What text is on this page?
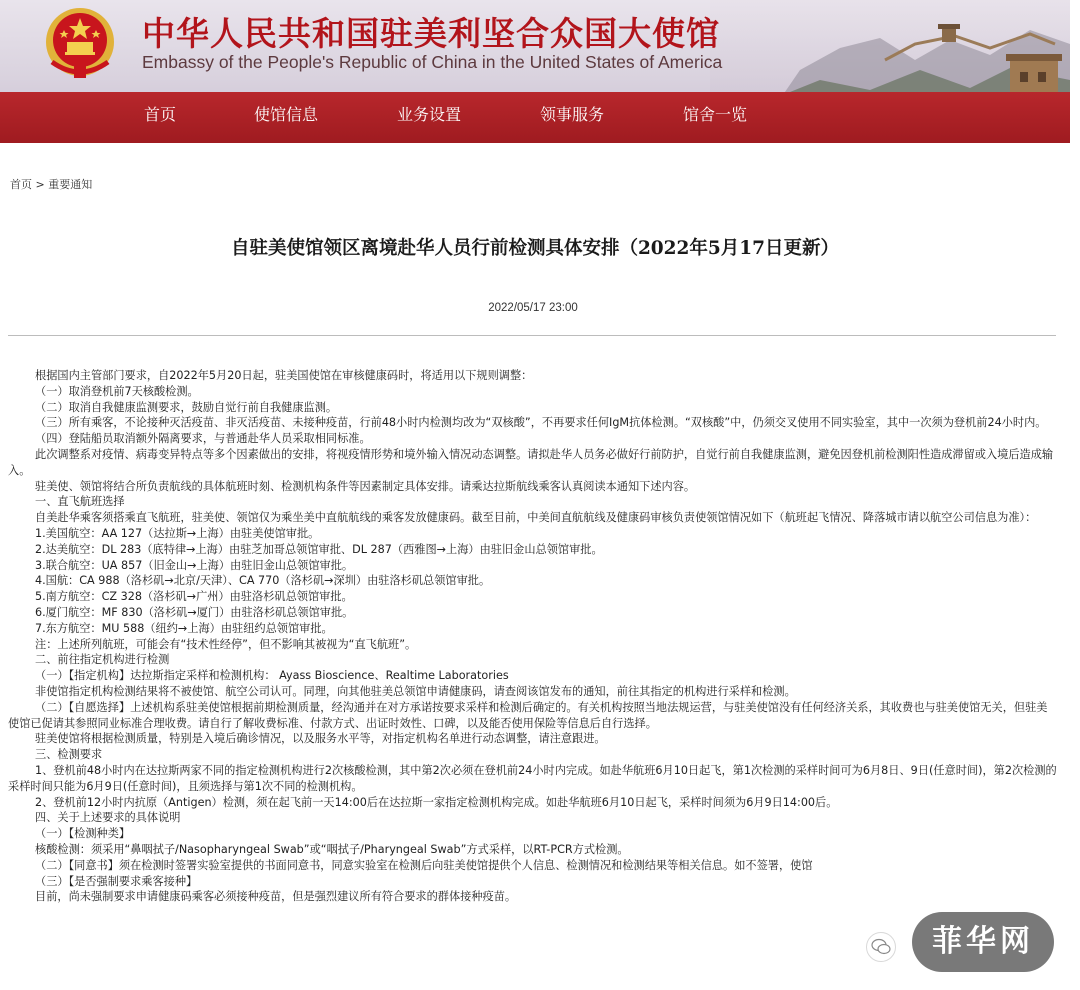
中华人民共和国驻美利坚合众国大使馆
Embassy of the People's Republic of China in the United States of America
首页	使馆信息	业务设置	领事服务	馆舍一览
首页 > 重要通知
自驻美使馆领区离境赴华人员行前检测具体安排（2022年5月17日更新）
2022/05/17 23:00

根据国内主管部门要求，自2022年5月20日起，驻美国使馆在审核健康码时，将适用以下规则调整：

（一）取消登机前7天核酸检测。

（二）取消自我健康监测要求，鼓励自觉行前自我健康监测。

（三）所有乘客，不论接种灭活疫苗、非灭活疫苗、未接种疫苗，行前48小时内检测均改为“双核酸”，不再要求任何IgM抗体检测。“双核酸”中，仍须交叉使用不同实验室，其中一次须为登机前24小时内。

（四）登陆船员取消额外隔离要求，与普通赴华人员采取相同标准。

此次调整系对疫情、病毒变异特点等多个因素做出的安排，将视疫情形势和境外输入情况动态调整。请拟赴华人员务必做好行前防护，自觉行前自我健康监测，避免因登机前检测阳性造成滞留或入境后造成输入。

驻美使、领馆将结合所负责航线的具体航班时刻、检测机构条件等因素制定具体安排。请乘达拉斯航线乘客认真阅读本通知下述内容。

一、直飞航班选择

自美赴华乘客须搭乘直飞航班，驻美使、领馆仅为乘坐美中直航航线的乘客发放健康码。截至目前，中美间直航航线及健康码审核负责使领馆情况如下（航班起飞情况、降落城市请以航空公司信息为准）：

1.美国航空：AA 127（达拉斯→上海）由驻美使馆审批。

2.达美航空：DL 283（底特律→上海）由驻芝加哥总领馆审批、DL 287（西雅图→上海）由驻旧金山总领馆审批。

3.联合航空：UA 857（旧金山→上海）由驻旧金山总领馆审批。

4.国航：CA 988（洛杉矶→北京/天津）、CA 770（洛杉矶→深圳）由驻洛杉矶总领馆审批。

5.南方航空：CZ 328（洛杉矶→广州）由驻洛杉矶总领馆审批。

6.厦门航空：MF 830（洛杉矶→厦门）由驻洛杉矶总领馆审批。

7.东方航空：MU 588（纽约→上海）由驻纽约总领馆审批。

注：上述所列航班，可能会有“技术性经停”，但不影响其被视为“直飞航班”。

二、前往指定机构进行检测

（一）【指定机构】达拉斯指定采样和检测机构： Ayass Bioscience、Realtime Laboratories

非使馆指定机构检测结果将不被使馆、航空公司认可。同理，向其他驻美总领馆申请健康码，请查阅该馆发布的通知，前往其指定的机构进行采样和检测。

（二）【自愿选择】上述机构系驻美使馆根据前期检测质量，经沟通并在对方承诺按要求采样和检测后确定的。有关机构按照当地法规运营，与驻美使馆没有任何经济关系，其收费也与驻美使馆无关，但驻美使馆已促请其参照同业标准合理收费。请自行了解收费标准、付款方式、出证时效性、口碑，以及能否使用保险等信息后自行选择。

驻美使馆将根据检测质量，特别是入境后确诊情况，以及服务水平等，对指定机构名单进行动态调整，请注意跟进。

三、检测要求

1、登机前48小时内在达拉斯两家不同的指定检测机构进行2次核酸检测，其中第2次必须在登机前24小时内完成。如赴华航班6月10日起飞，第1次检测的采样时间可为6月8日、9日(任意时间)，第2次检测的采样时间只能为6月9日(任意时间)，且须选择与第1次不同的检测机构。

2、登机前12小时内抗原（Antigen）检测，须在起飞前一天14:00后在达拉斯一家指定检测机构完成。如赴华航班6月10日起飞，采样时间须为6月9日14:00后。

四、关于上述要求的具体说明

（一）【检测种类】

核酸检测：须采用“鼻咽拭子/Nasopharyngeal Swab”或“咽拭子/Pharyngeal Swab”方式采样，以RT-PCR方式检测。

（二）【同意书】须在检测时签署实验室提供的书面同意书，同意实验室在检测后向驻美使馆提供个人信息、检测情况和检测结果等相关信息。如不签署，使馆

（三）【是否强制要求乘客接种】

目前，尚未强制要求申请健康码乘客必须接种疫苗，但是强烈建议所有符合要求的群体接种疫苗。

菲华网
